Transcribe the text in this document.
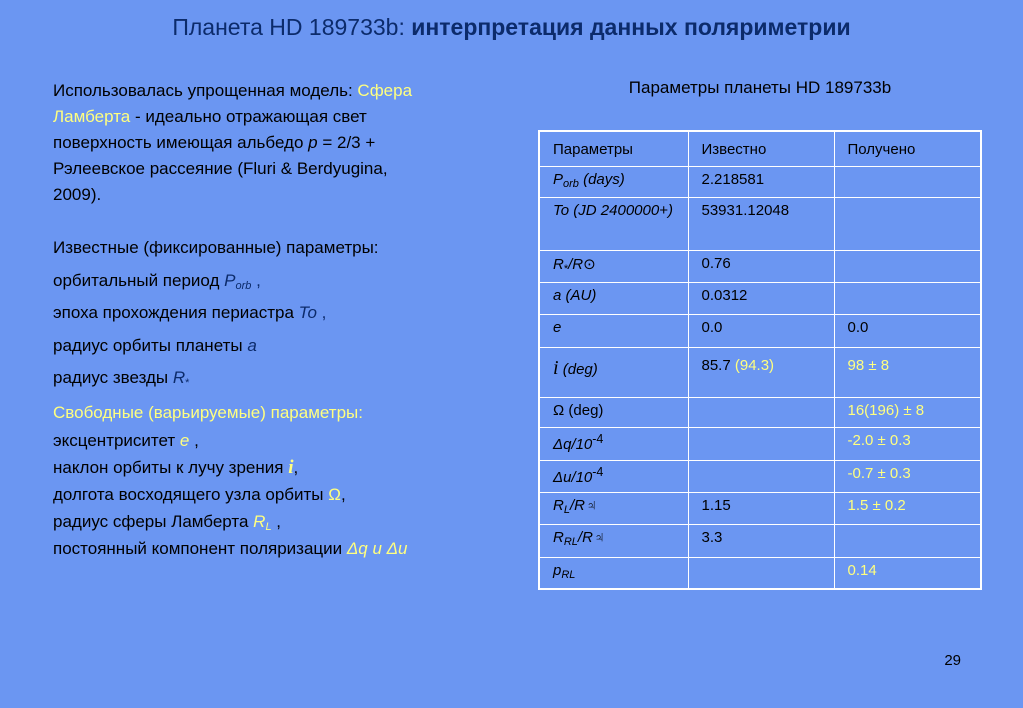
Планета HD 189733b: интерпретация данных поляриметрии
Использовалась упрощенная модель: Сфера
Ламберта - идеально отражающая свет
поверхность имеющая альбедо p = 2/3 +
Рэлеевское рассеяние (Fluri & Berdyugina,
2009).
Известные (фиксированные) параметры:
орбитальный период $P_{orb}$ ,
эпоха прохождения периастра To ,
радиус орбиты планеты a
радиус звезды $R_*$
Свободные (варьируемые) параметры:
эксцентриситет e ,
наклон орбиты к лучу зрения i,
долгота восходящего узла орбиты Ω,
радиус сферы Ламберта $R_L$ ,
постоянный компонент поляризации Δq и Δu
Параметры планеты HD 189733b
Параметры	Известно	Получено
$P_{orb}$ (days)	2.218581	
To (JD 2400000+)	53931.12048	
$R_*/R⊙$	0.76	
a (AU)	0.0312	
e	0.0	0.0
i (deg)	85.7 (94.3)	98 ± 8
Ω (deg)		16(196) ± 8
$\Delta q/10^{-4}$		-2.0 ± 0.3
$\Delta u/10^{-4}$		-0.7 ± 0.3
$R_L/R♃$	1.15	1.5 ± 0.2
$R_{RL}/R♃$	3.3	
$p_{RL}$		0.14
29
